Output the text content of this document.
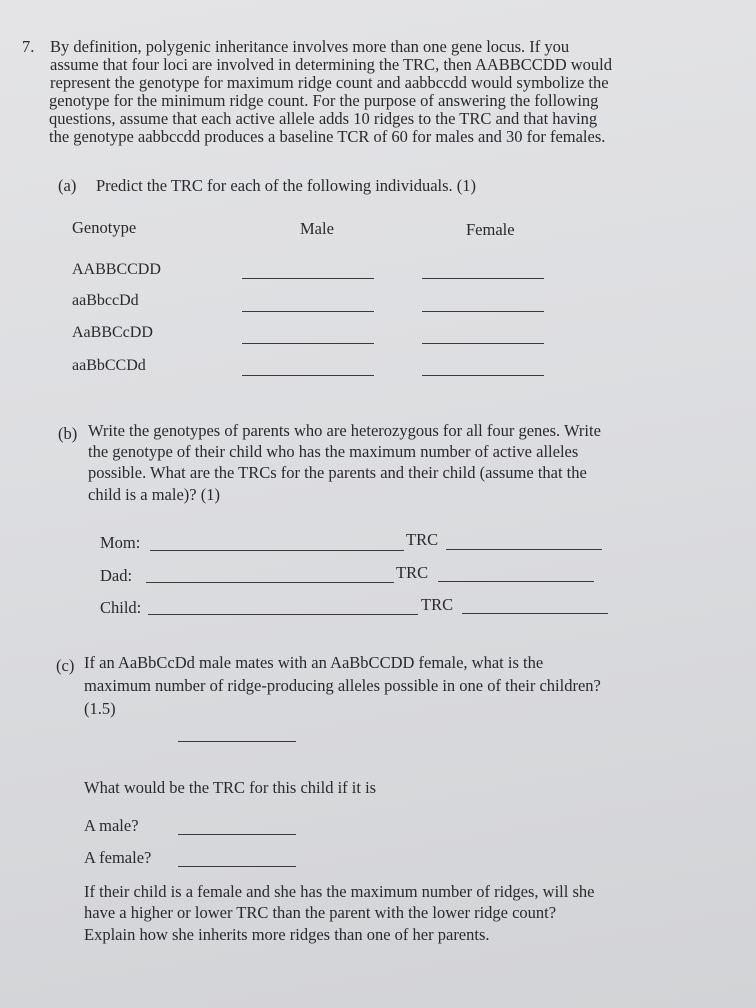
7. By definition, polygenic inheritance involves more than one gene locus. If you
assume that four loci are involved in determining the TRC, then AABBCCDD would
represent the genotype for maximum ridge count and aabbccdd would symbolize the
genotype for the minimum ridge count. For the purpose of answering the following
questions, assume that each active allele adds 10 ridges to the TRC and that having
the genotype aabbccdd produces a baseline TCR of 60 for males and 30 for females.
(a) Predict the TRC for each of the following individuals. (1)
Genotype	Male	Female
AABBCCDD
aaBbccDd
AaBBCcDD
aaBbCCDd
(b) Write the genotypes of parents who are heterozygous for all four genes. Write
the genotype of their child who has the maximum number of active alleles
possible. What are the TRCs for the parents and their child (assume that the
child is a male)? (1)
Mom:	TRC
Dad:	TRC
Child:	TRC
(c) If an AaBbCcDd male mates with an AaBbCCDD female, what is the
maximum number of ridge-producing alleles possible in one of their children?
(1.5)
What would be the TRC for this child if it is
A male?
A female?
If their child is a female and she has the maximum number of ridges, will she
have a higher or lower TRC than the parent with the lower ridge count?
Explain how she inherits more ridges than one of her parents.
